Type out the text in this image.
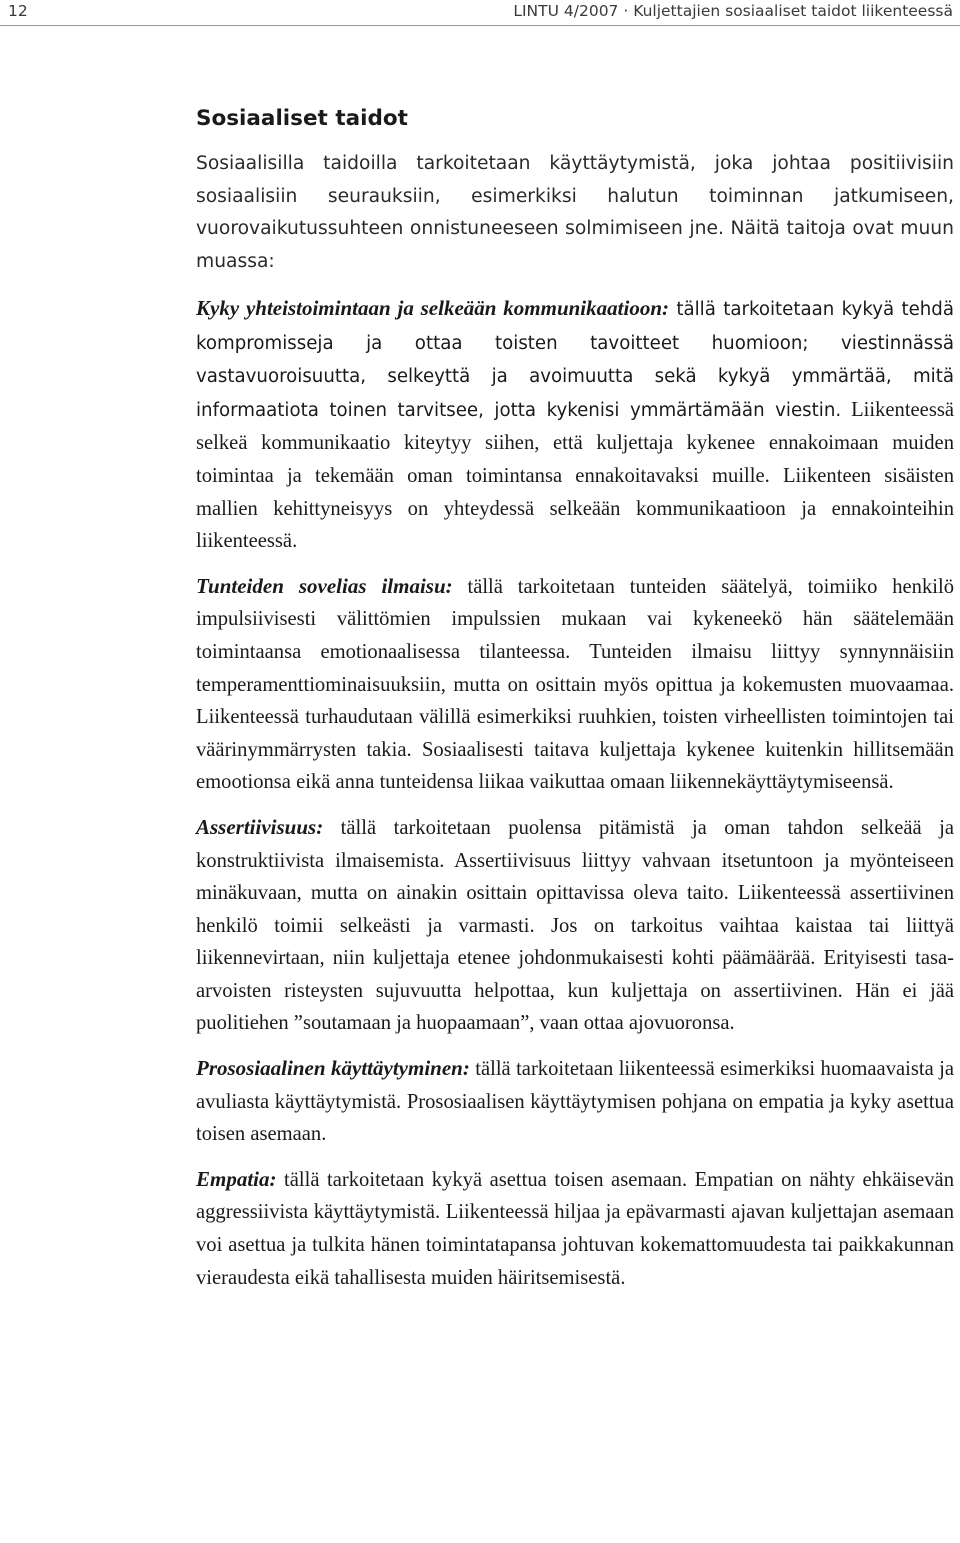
12	LINTU 4/2007 · Kuljettajien sosiaaliset taidot liikenteessä
Sosiaaliset taidot

Sosiaalisilla taidoilla tarkoitetaan käyttäytymistä, joka johtaa positiivisiin sosiaalisiin seurauksiin, esimerkiksi halutun toiminnan jatkumiseen, vuorovaikutussuhteen onnistuneeseen solmimiseen jne. Näitä taitoja ovat muun muassa:

Kyky yhteistoimintaan ja selkeään kommunikaatioon: tällä tarkoitetaan kykyä tehdä kompromisseja ja ottaa toisten tavoitteet huomioon; viestinnässä vastavuoroisuutta, selkeyttä ja avoimuutta sekä kykyä ymmärtää, mitä informaatiota toinen tarvitsee, jotta kykenisi ymmärtämään viestin. Liikenteessä selkeä kommunikaatio kiteytyy siihen, että kuljettaja kykenee ennakoimaan muiden toimintaa ja tekemään oman toimintansa ennakoitavaksi muille. Liikenteen sisäisten mallien kehittyneisyys on yhteydessä selkeään kommunikaatioon ja ennakointeihin liikenteessä.

Tunteiden sovelias ilmaisu: tällä tarkoitetaan tunteiden säätelyä, toimiiko henkilö impulsiivisesti välittömien impulssien mukaan vai kykeneekö hän säätelemään toimintaansa emotionaalisessa tilanteessa. Tunteiden ilmaisu liittyy synnynnäisiin temperamenttiominaisuuksiin, mutta on osittain myös opittua ja kokemusten muovaamaa. Liikenteessä turhaudutaan välillä esimerkiksi ruuhkien, toisten virheellisten toimintojen tai väärinymmärrysten takia. Sosiaalisesti taitava kuljettaja kykenee kuitenkin hillitsemään emootionsa eikä anna tunteidensa liikaa vaikuttaa omaan liikennekäyttäytymiseensä.

Assertiivisuus: tällä tarkoitetaan puolensa pitämistä ja oman tahdon selkeää ja konstruktiivista ilmaisemista. Assertiivisuus liittyy vahvaan itsetuntoon ja myönteiseen minäkuvaan, mutta on ainakin osittain opittavissa oleva taito. Liikenteessä assertiivinen henkilö toimii selkeästi ja varmasti. Jos on tarkoitus vaihtaa kaistaa tai liittyä liikennevirtaan, niin kuljettaja etenee johdonmukaisesti kohti päämäärää. Erityisesti tasa-arvoisten risteysten sujuvuutta helpottaa, kun kuljettaja on assertiivinen. Hän ei jää puolitiehen ”soutamaan ja huopaamaan”, vaan ottaa ajovuoronsa.

Prososiaalinen käyttäytyminen: tällä tarkoitetaan liikenteessä esimerkiksi huomaavaista ja avuliasta käyttäytymistä. Prososiaalisen käyttäytymisen pohjana on empatia ja kyky asettua toisen asemaan.

Empatia: tällä tarkoitetaan kykyä asettua toisen asemaan. Empatian on nähty ehkäisevän aggressiivista käyttäytymistä. Liikenteessä hiljaa ja epävarmasti ajavan kuljettajan asemaan voi asettua ja tulkita hänen toimintatapansa johtuvan kokemattomuudesta tai paikkakunnan vieraudesta eikä tahallisesta muiden häiritsemisestä.
